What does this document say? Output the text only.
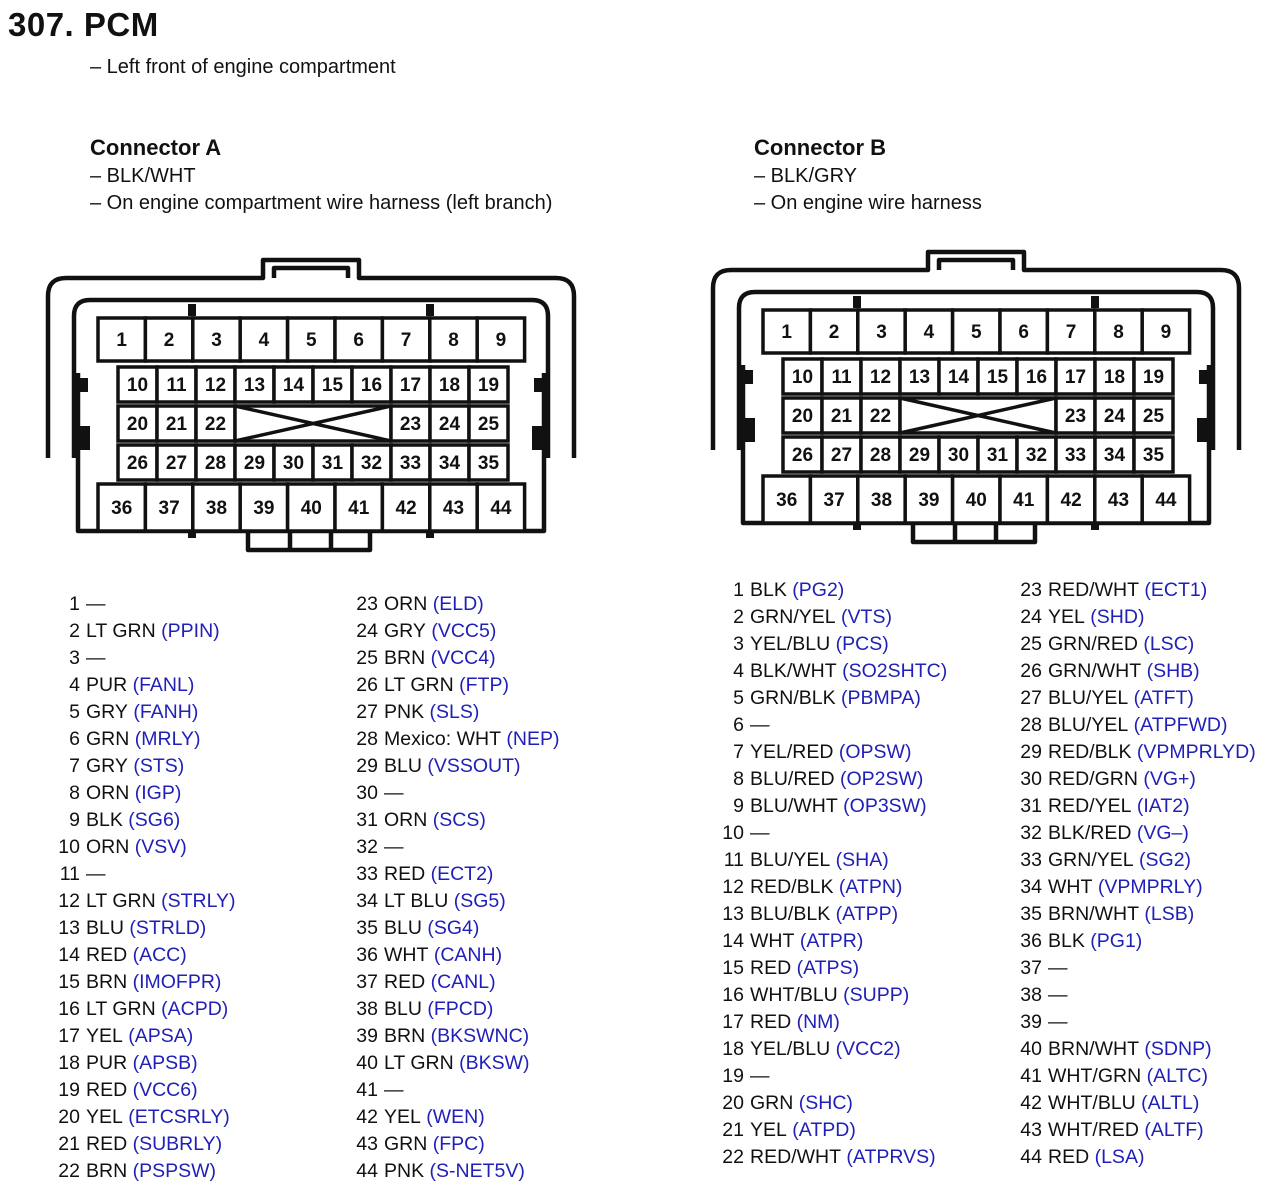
307. PCM
– Left front of engine compartment
Connector A
– BLK/WHT
– On engine compartment wire harness (left branch)
Connector B
– BLK/GRY
– On engine wire harness
1 2 3 4 5 6 7 8 9
10 11 12 13 14 15 16 17 18 19
20 21 22	23 24 25
26 27 28 29 30 31 32 33 34 35
36 37 38 39 40 41 42 43 44
1 2 3 4 5 6 7 8 9
10 11 12 13 14 15 16 17 18 19
20 21 22	23 24 25
26 27 28 29 30 31 32 33 34 35
36 37 38 39 40 41 42 43 44
1 —
2 LT GRN
(PPIN)
3 —
4 PUR
(FANL)
5 GRY
(FANH)
6 GRN
(MRLY)
7 GRY
(STS)
8 ORN
(IGP)
9 BLK
(SG6)
10 ORN
(VSV)
11 —
12 LT GRN
(STRLY)
13 BLU
(STRLD)
14 RED
(ACC)
15 BRN
(IMOFPR)
16 LT GRN
(ACPD)
17 YEL
(APSA)
18 PUR
(APSB)
19 RED
(VCC6)
20 YEL
(ETCSRLY)
21 RED
(SUBRLY)
22 BRN
(PSPSW)
23 ORN
(ELD)
24 GRY
(VCC5)
25 BRN
(VCC4)
26 LT GRN
(FTP)
27 PNK
(SLS)
28 Mexico: WHT
(NEP)
29 BLU
(VSSOUT)
30 —
31 ORN
(SCS)
32 —
33 RED
(ECT2)
34 LT BLU
(SG5)
35 BLU
(SG4)
36 WHT
(CANH)
37 RED
(CANL)
38 BLU
(FPCD)
39 BRN
(BKSWNC)
40 LT GRN
(BKSW)
41 —
42 YEL
(WEN)
43 GRN
(FPC)
44 PNK
(S-NET5V)
1 BLK
(PG2)
2 GRN/YEL
(VTS)
3 YEL/BLU
(PCS)
4 BLK/WHT
(SO2SHTC)
5 GRN/BLK
(PBMPA)
6 —
7 YEL/RED
(OPSW)
8 BLU/RED
(OP2SW)
9 BLU/WHT
(OP3SW)
10 —
11 BLU/YEL
(SHA)
12 RED/BLK
(ATPN)
13 BLU/BLK
(ATPP)
14 WHT
(ATPR)
15 RED
(ATPS)
16 WHT/BLU
(SUPP)
17 RED
(NM)
18 YEL/BLU
(VCC2)
19 —
20 GRN
(SHC)
21 YEL
(ATPD)
22 RED/WHT
(ATPRVS)
23 RED/WHT
(ECT1)
24 YEL
(SHD)
25 GRN/RED
(LSC)
26 GRN/WHT
(SHB)
27 BLU/YEL
(ATFT)
28 BLU/YEL
(ATPFWD)
29 RED/BLK
(VPMPRLYD)
30 RED/GRN
(VG+)
31 RED/YEL
(IAT2)
32 BLK/RED
(VG–)
33 GRN/YEL
(SG2)
34 WHT
(VPMPRLY)
35 BRN/WHT
(LSB)
36 BLK
(PG1)
37 —
38 —
39 —
40 BRN/WHT
(SDNP)
41 WHT/GRN
(ALTC)
42 WHT/BLU
(ALTL)
43 WHT/RED
(ALTF)
44 RED
(LSA)
